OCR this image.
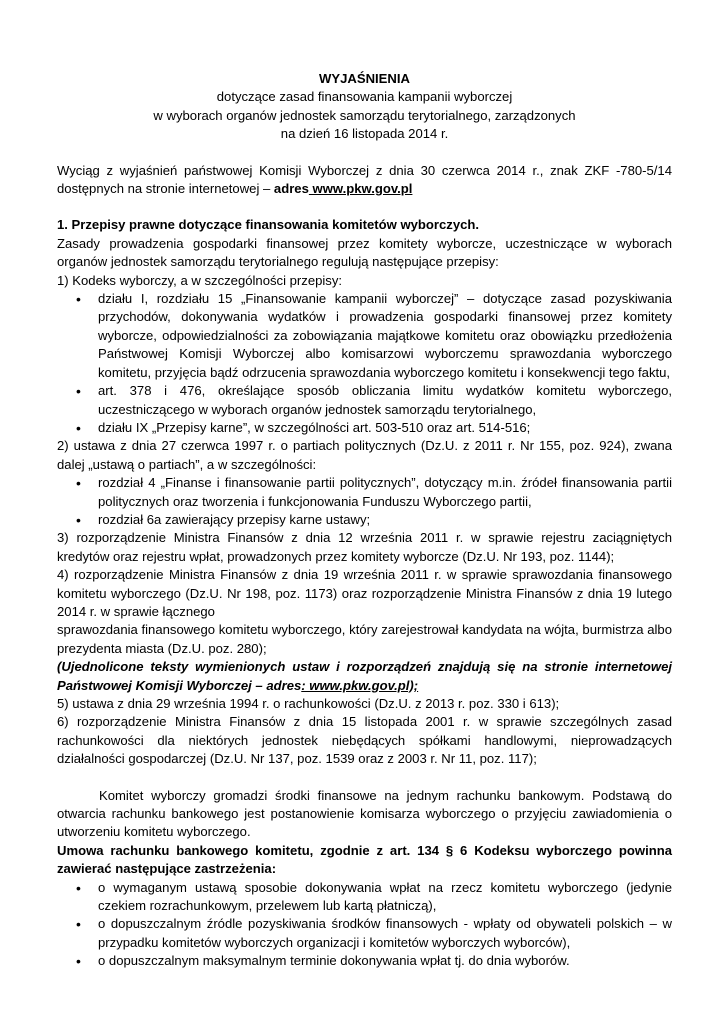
WYJAŚNIENIA

dotyczące zasad finansowania kampanii wyborczej

w wyborach organów jednostek samorządu terytorialnego, zarządzonych

na dzień 16 listopada 2014 r.

Wyciąg z wyjaśnień państwowej Komisji Wyborczej z dnia 30 czerwca 2014 r., znak ZKF -780-5/14 dostępnych na stronie internetowej – adres www.pkw.gov.pl

1. Przepisy prawne dotyczące finansowania komitetów wyborczych.

Zasady prowadzenia gospodarki finansowej przez komitety wyborcze, uczestniczące w wyborach organów jednostek samorządu terytorialnego regulują następujące przepisy:

1) Kodeks wyborczy, a w szczególności przepisy:

• działu I, rozdziału 15 „Finansowanie kampanii wyborczej” – dotyczące zasad pozyskiwania przychodów, dokonywania wydatków i prowadzenia gospodarki finansowej przez komitety wyborcze, odpowiedzialności za zobowiązania majątkowe komitetu oraz obowiązku przedłożenia Państwowej Komisji Wyborczej albo komisarzowi wyborczemu sprawozdania wyborczego komitetu, przyjęcia bądź odrzucenia sprawozdania wyborczego komitetu i konsekwencji tego faktu,
• art. 378 i 476, określające sposób obliczania limitu wydatków komitetu wyborczego, uczestniczącego w wyborach organów jednostek samorządu terytorialnego,
• działu IX „Przepisy karne”, w szczególności art. 503-510 oraz art. 514-516;

2) ustawa z dnia 27 czerwca 1997 r. o partiach politycznych (Dz.U. z 2011 r. Nr 155, poz. 924), zwana dalej „ustawą o partiach”, a w szczególności:

• rozdział 4 „Finanse i finansowanie partii politycznych”, dotyczący m.in. źródeł finansowania partii politycznych oraz tworzenia i funkcjonowania Funduszu Wyborczego partii,
• rozdział 6a zawierający przepisy karne ustawy;

3) rozporządzenie Ministra Finansów z dnia 12 września 2011 r. w sprawie rejestru zaciągniętych kredytów oraz rejestru wpłat, prowadzonych przez komitety wyborcze (Dz.U. Nr 193, poz. 1144);

4) rozporządzenie Ministra Finansów z dnia 19 września 2011 r. w sprawie sprawozdania finansowego komitetu wyborczego (Dz.U. Nr 198, poz. 1173) oraz rozporządzenie Ministra Finansów z dnia 19 lutego 2014 r. w sprawie łącznego

sprawozdania finansowego komitetu wyborczego, który zarejestrował kandydata na wójta, burmistrza albo prezydenta miasta (Dz.U. poz. 280);

(Ujednolicone teksty wymienionych ustaw i rozporządzeń znajdują się na stronie internetowej Państwowej Komisji Wyborczej – adres: www.pkw.gov.pl);

5) ustawa z dnia 29 września 1994 r. o rachunkowości (Dz.U. z 2013 r. poz. 330 i 613);

6) rozporządzenie Ministra Finansów z dnia 15 listopada 2001 r. w sprawie szczególnych zasad rachunkowości dla niektórych jednostek niebędących spółkami handlowymi, nieprowadzących działalności gospodarczej (Dz.U. Nr 137, poz. 1539 oraz z 2003 r. Nr 11, poz. 117);

Komitet wyborczy gromadzi środki finansowe na jednym rachunku bankowym. Podstawą do otwarcia rachunku bankowego jest postanowienie komisarza wyborczego o przyjęciu zawiadomienia o utworzeniu komitetu wyborczego.

Umowa rachunku bankowego komitetu, zgodnie z art. 134 § 6 Kodeksu wyborczego powinna zawierać następujące zastrzeżenia:

• o wymaganym ustawą sposobie dokonywania wpłat na rzecz komitetu wyborczego (jedynie czekiem rozrachunkowym, przelewem lub kartą płatniczą),
• o dopuszczalnym źródle pozyskiwania środków finansowych - wpłaty od obywateli polskich – w przypadku komitetów wyborczych organizacji i komitetów wyborczych wyborców),
• o dopuszczalnym maksymalnym terminie dokonywania wpłat tj. do dnia wyborów.
